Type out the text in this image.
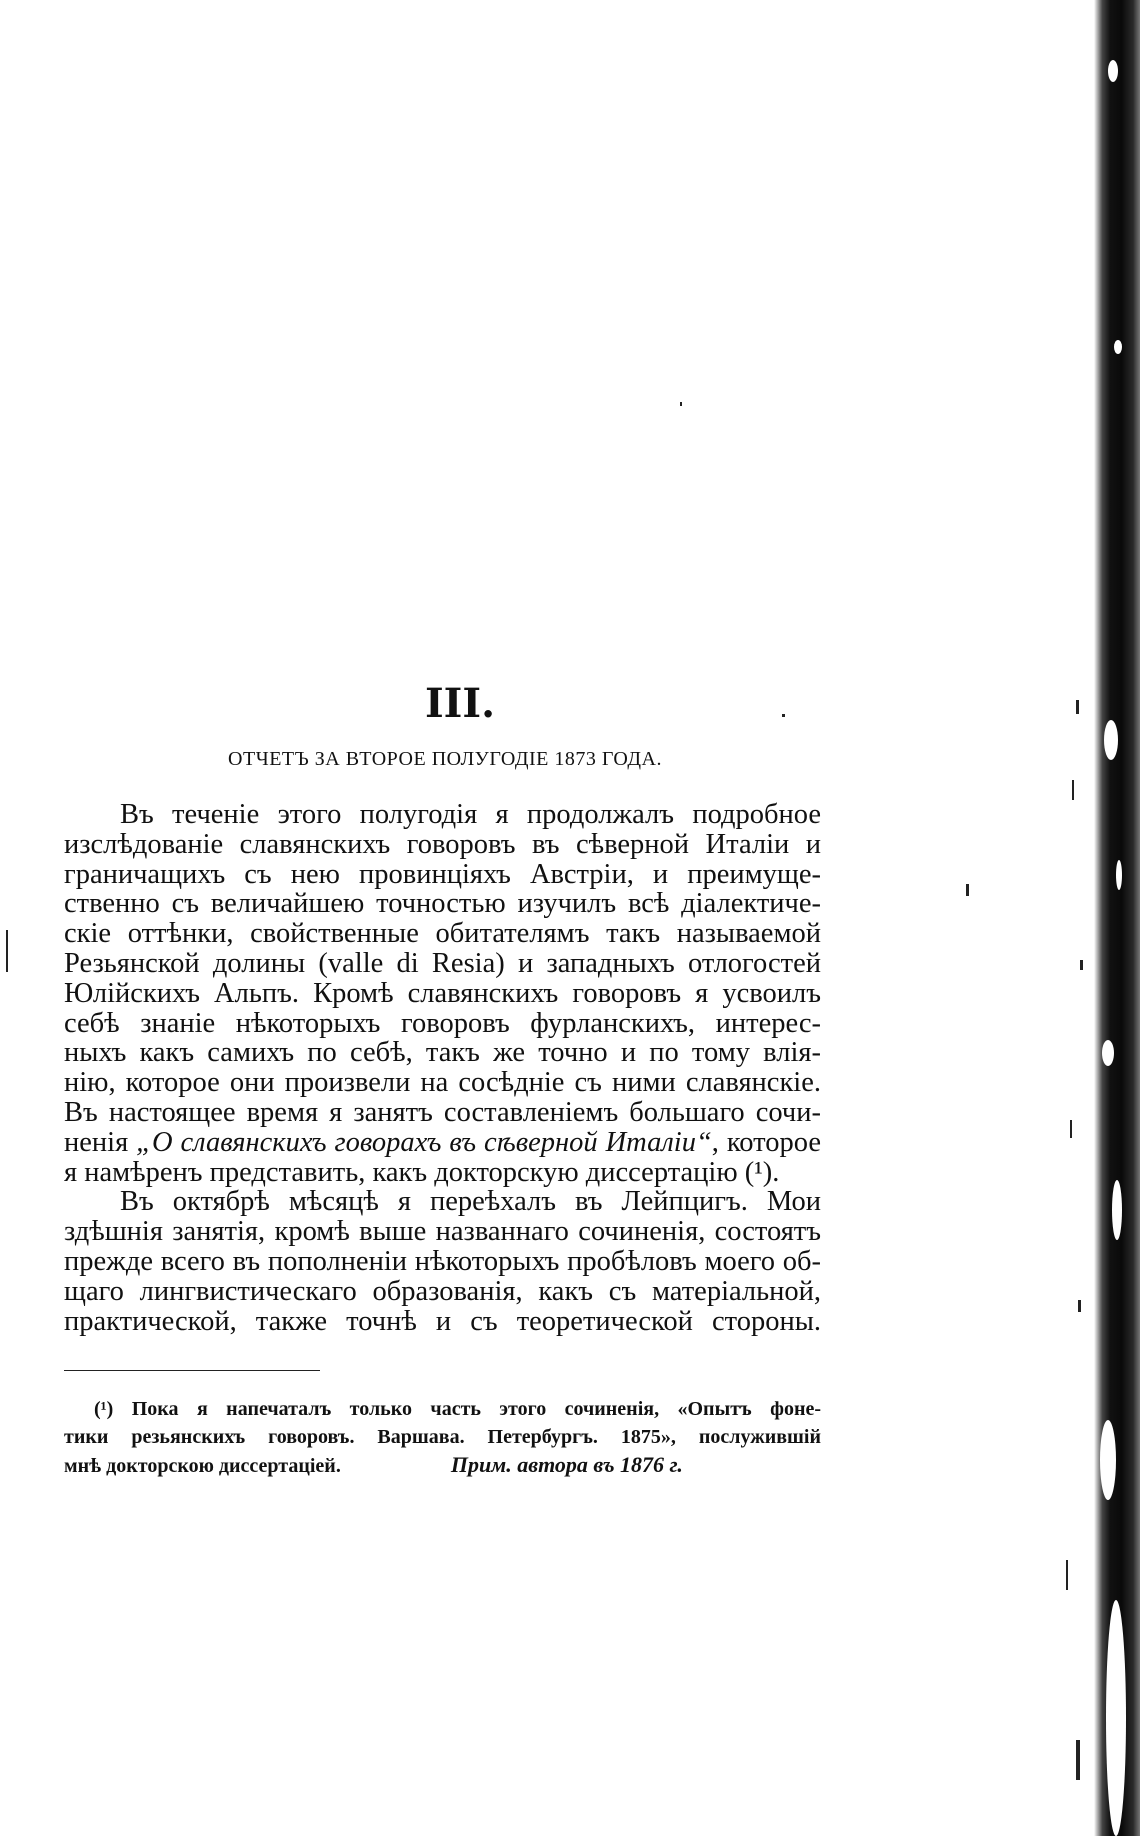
III.
ОТЧЕТЪ ЗА ВТОРОЕ ПОЛУГОДІЕ 1873 ГОДА.
Въ теченіе этого полугодія я продолжалъ подробное
изслѣдованіе славянскихъ говоровъ въ сѣверной Италіи и
граничащихъ съ нею провинціяхъ Австріи, и преимуще-
ственно съ величайшею точностью изучилъ всѣ діалектиче-
скіе оттѣнки, свойственные обитателямъ такъ называемой
Резьянской долины (valle di Resia) и западныхъ отлогостей
Юлійскихъ Альпъ. Кромѣ славянскихъ говоровъ я усвоилъ
себѣ знаніе нѣкоторыхъ говоровъ фурланскихъ, интерес-
ныхъ какъ самихъ по себѣ, такъ же точно и по тому влія-
нію, которое они произвели на сосѣдніе съ ними славянскіе.
Въ настоящее время я занятъ составленіемъ большаго сочи-
ненія „О славянскихъ говорахъ въ сѣверной Италіи“, которое
я намѣренъ представить, какъ докторскую диссертацію (¹).
Въ октябрѣ мѣсяцѣ я переѣхалъ въ Лейпцигъ. Мои
здѣшнія занятія, кромѣ выше названнаго сочиненія, состоятъ
прежде всего въ пополненіи нѣкоторыхъ пробѣловъ моего об-
щаго лингвистическаго образованія, какъ съ матеріальной,
практической, также точнѣ и съ теоретической стороны.
(¹) Пока я напечаталъ только часть этого сочиненія, «Опытъ фоне-
тики резьянскихъ говоровъ. Варшава. Петербургъ. 1875», послужившій
мнѣ докторскою диссертаціей.	Прим. автора въ 1876 г.
